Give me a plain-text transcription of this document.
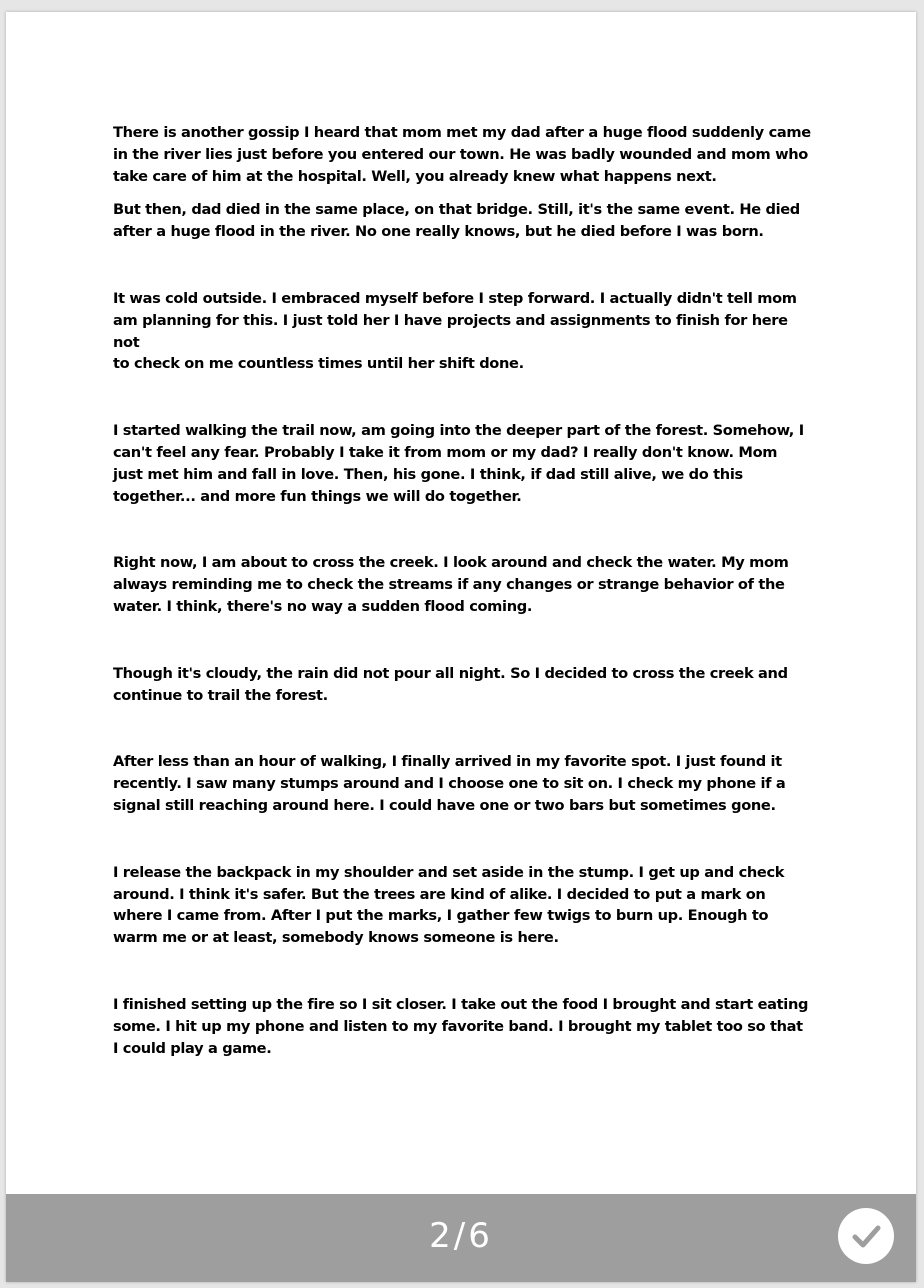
There is another gossip I heard that mom met my dad after a huge flood suddenly came
in the river lies just before you entered our town. He was badly wounded and mom who
take care of him at the hospital. Well, you already knew what happens next.

But then, dad died in the same place, on that bridge. Still, it's the same event. He died
after a huge flood in the river. No one really knows, but he died before I was born.

It was cold outside. I embraced myself before I step forward. I actually didn't tell mom
am planning for this. I just told her I have projects and assignments to finish for here not
to check on me countless times until her shift done.

I started walking the trail now, am going into the deeper part of the forest. Somehow, I
can't feel any fear. Probably I take it from mom or my dad? I really don't know. Mom
just met him and fall in love. Then, his gone. I think, if dad still alive, we do this
together... and more fun things we will do together.

Right now, I am about to cross the creek. I look around and check the water. My mom
always reminding me to check the streams if any changes or strange behavior of the
water. I think, there's no way a sudden flood coming.

Though it's cloudy, the rain did not pour all night. So I decided to cross the creek and
continue to trail the forest.

After less than an hour of walking, I finally arrived in my favorite spot. I just found it
recently. I saw many stumps around and I choose one to sit on. I check my phone if a
signal still reaching around here. I could have one or two bars but sometimes gone.

I release the backpack in my shoulder and set aside in the stump. I get up and check
around. I think it's safer. But the trees are kind of alike. I decided to put a mark on
where I came from. After I put the marks, I gather few twigs to burn up. Enough to
warm me or at least, somebody knows someone is here.

I finished setting up the fire so I sit closer. I take out the food I brought and start eating
some. I hit up my phone and listen to my favorite band. I brought my tablet too so that
I could play a game.

2/6
